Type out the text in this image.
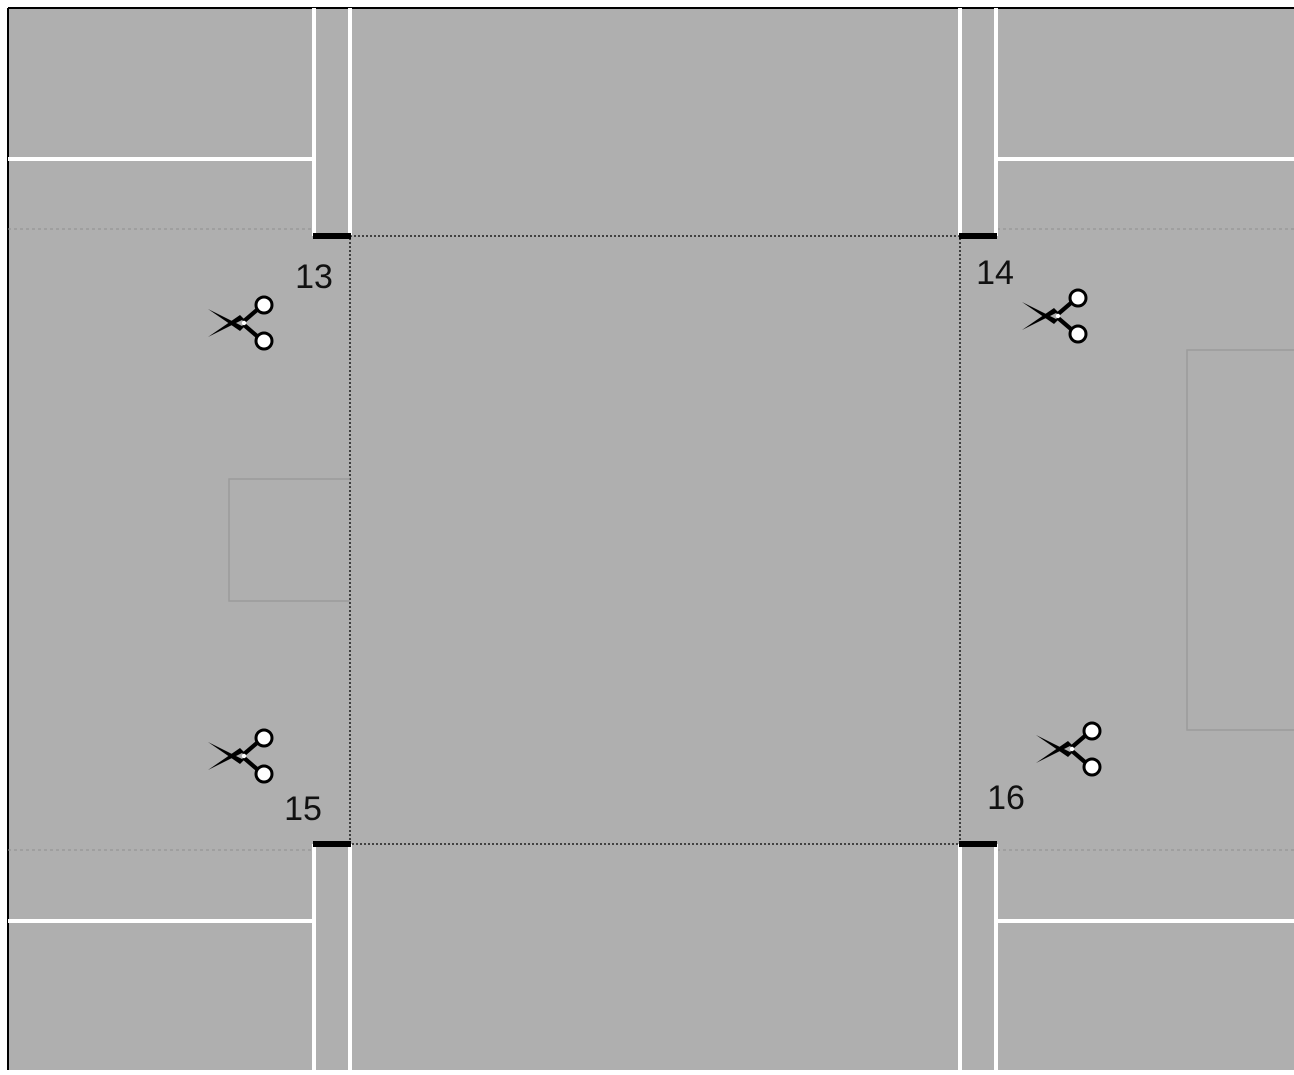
13	14
15	16
